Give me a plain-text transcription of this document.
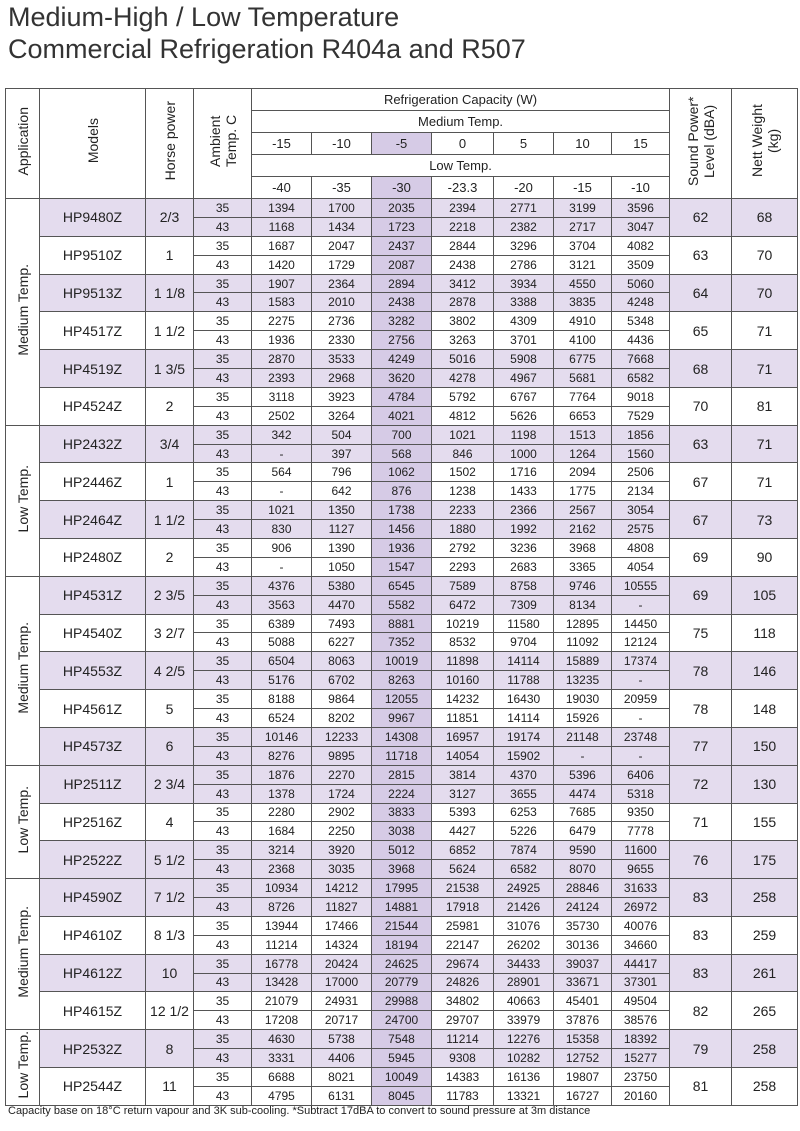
Medium-High / Low Temperature
Commercial Refrigeration R404a and R507
Application	Models	Horse power	Ambient Temp. C	Refrigeration Capacity (W)							Sound Power* Level (dBA)	Nett Weight (kg)
				Medium Temp.								
				-15	-10	-5	0	5	10	15		
				Low Temp.								
				-40	-35	-30	-23.3	-20	-15	-10		
Medium Temp.	HP9480Z	2/3	35	1394	1700	2035	2394	2771	3199	3596	62	68
			43	1168	1434	1723	2218	2382	2717	3047		
	HP9510Z	1	35	1687	2047	2437	2844	3296	3704	4082	63	70
			43	1420	1729	2087	2438	2786	3121	3509		
	HP9513Z	1 1/8	35	1907	2364	2894	3412	3934	4550	5060	64	70
			43	1583	2010	2438	2878	3388	3835	4248		
	HP4517Z	1 1/2	35	2275	2736	3282	3802	4309	4910	5348	65	71
			43	1936	2330	2756	3263	3701	4100	4436		
	HP4519Z	1 3/5	35	2870	3533	4249	5016	5908	6775	7668	68	71
			43	2393	2968	3620	4278	4967	5681	6582		
	HP4524Z	2	35	3118	3923	4784	5792	6767	7764	9018	70	81
			43	2502	3264	4021	4812	5626	6653	7529		
Low Temp.	HP2432Z	3/4	35	342	504	700	1021	1198	1513	1856	63	71
			43	-	397	568	846	1000	1264	1560		
	HP2446Z	1	35	564	796	1062	1502	1716	2094	2506	67	71
			43	-	642	876	1238	1433	1775	2134		
	HP2464Z	1 1/2	35	1021	1350	1738	2233	2366	2567	3054	67	73
			43	830	1127	1456	1880	1992	2162	2575		
	HP2480Z	2	35	906	1390	1936	2792	3236	3968	4808	69	90
			43	-	1050	1547	2293	2683	3365	4054		
Medium Temp.	HP4531Z	2 3/5	35	4376	5380	6545	7589	8758	9746	10555	69	105
			43	3563	4470	5582	6472	7309	8134	-		
	HP4540Z	3 2/7	35	6389	7493	8881	10219	11580	12895	14450	75	118
			43	5088	6227	7352	8532	9704	11092	12124		
	HP4553Z	4 2/5	35	6504	8063	10019	11898	14114	15889	17374	78	146
			43	5176	6702	8263	10160	11788	13235	-		
	HP4561Z	5	35	8188	9864	12055	14232	16430	19030	20959	78	148
			43	6524	8202	9967	11851	14114	15926	-		
	HP4573Z	6	35	10146	12233	14308	16957	19174	21148	23748	77	150
			43	8276	9895	11718	14054	15902	-	-		
Low Temp.	HP2511Z	2 3/4	35	1876	2270	2815	3814	4370	5396	6406	72	130
			43	1378	1724	2224	3127	3655	4474	5318		
	HP2516Z	4	35	2280	2902	3833	5393	6253	7685	9350	71	155
			43	1684	2250	3038	4427	5226	6479	7778		
	HP2522Z	5 1/2	35	3214	3920	5012	6852	7874	9590	11600	76	175
			43	2368	3035	3968	5624	6582	8070	9655		
Medium Temp.	HP4590Z	7 1/2	35	10934	14212	17995	21538	24925	28846	31633	83	258
			43	8726	11827	14881	17918	21426	24124	26972		
	HP4610Z	8 1/3	35	13944	17466	21544	25981	31076	35730	40076	83	259
			43	11214	14324	18194	22147	26202	30136	34660		
	HP4612Z	10	35	16778	20424	24625	29674	34433	39037	44417	83	261
			43	13428	17000	20779	24826	28901	33671	37301		
	HP4615Z	12 1/2	35	21079	24931	29988	34802	40663	45401	49504	82	265
			43	17208	20717	24700	29707	33979	37876	38576		
Low Temp.	HP2532Z	8	35	4630	5738	7548	11214	12276	15358	18392	79	258
			43	3331	4406	5945	9308	10282	12752	15277		
	HP2544Z	11	35	6688	8021	10049	14383	16136	19807	23750	81	258
			43	4795	6131	8045	11783	13321	16727	20160		
Capacity base on 18°C return vapour and 3K sub-cooling. *Subtract 17dBA to convert to sound pressure at 3m distance
